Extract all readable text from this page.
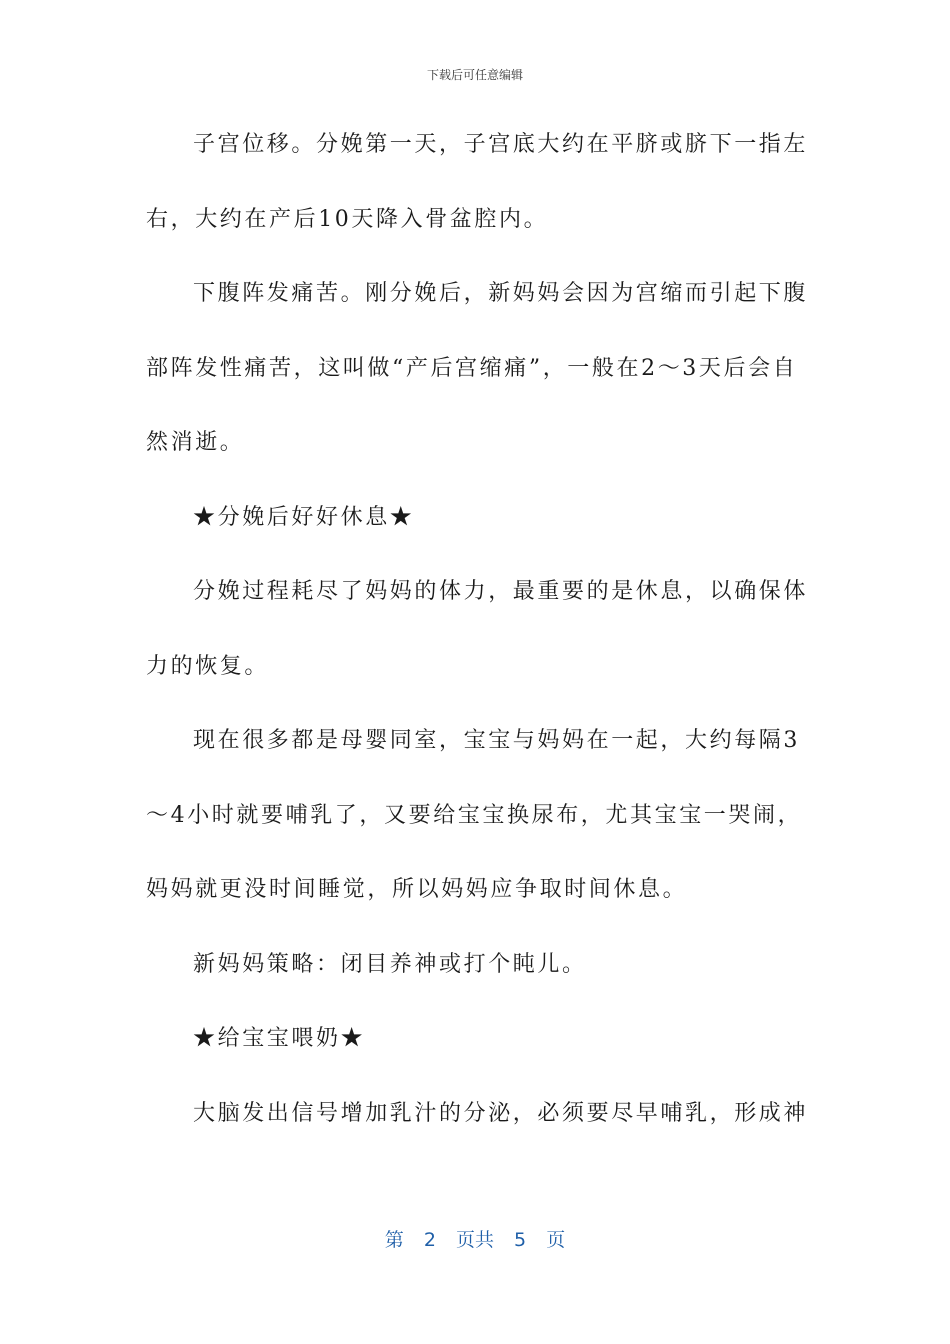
下载后可任意编辑
子宫位移。分娩第一天，子宫底大约在平脐或脐下一指左
右，大约在产后10天降入骨盆腔内。
下腹阵发痛苦。刚分娩后，新妈妈会因为宫缩而引起下腹
部阵发性痛苦，这叫做“产后宫缩痛”，一般在2～3天后会自
然消逝。
★分娩后好好休息★
分娩过程耗尽了妈妈的体力，最重要的是休息，以确保体
力的恢复。
现在很多都是母婴同室，宝宝与妈妈在一起，大约每隔3
～4小时就要哺乳了，又要给宝宝换尿布，尤其宝宝一哭闹，
妈妈就更没时间睡觉，所以妈妈应争取时间休息。
新妈妈策略：闭目养神或打个盹儿。
★给宝宝喂奶★
大脑发出信号增加乳汁的分泌，必须要尽早哺乳，形成神
第 2 页共 5 页
